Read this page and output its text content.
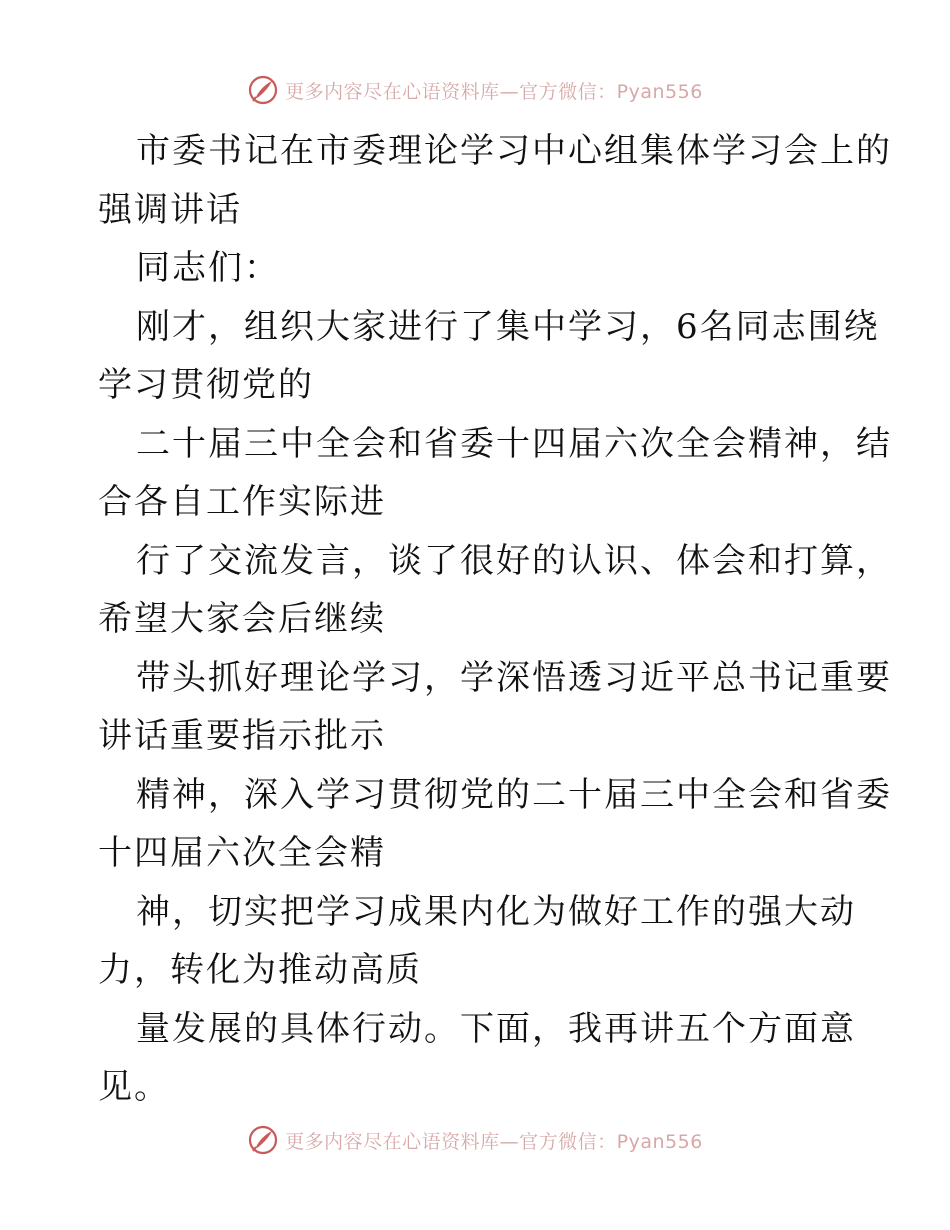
更多内容尽在心语资料库—官方微信：Pyan556

市委书记在市委理论学习中心组集体学习会上的
强调讲话

同志们：

刚才，组织大家进行了集中学习，6名同志围绕
学习贯彻党的

二十届三中全会和省委十四届六次全会精神，结
合各自工作实际进

行了交流发言，谈了很好的认识、体会和打算，
希望大家会后继续

带头抓好理论学习，学深悟透习近平总书记重要
讲话重要指示批示

精神，深入学习贯彻党的二十届三中全会和省委
十四届六次全会精

神，切实把学习成果内化为做好工作的强大动
力，转化为推动高质

量发展的具体行动。下面，我再讲五个方面意
见。

更多内容尽在心语资料库—官方微信：Pyan556
